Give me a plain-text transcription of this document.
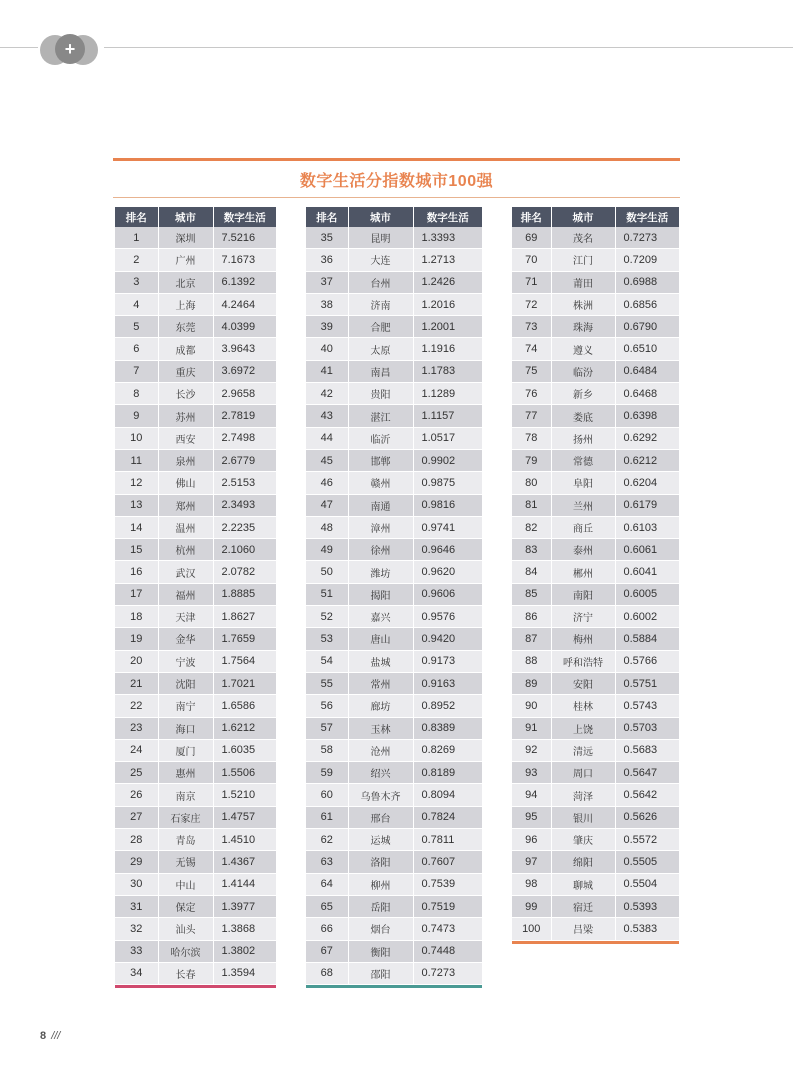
+
数字生活分指数城市100强
排名	城市	数字生活
1	深圳	7.5216
2	广州	7.1673
3	北京	6.1392
4	上海	4.2464
5	东莞	4.0399
6	成都	3.9643
7	重庆	3.6972
8	长沙	2.9658
9	苏州	2.7819
10	西安	2.7498
11	泉州	2.6779
12	佛山	2.5153
13	郑州	2.3493
14	温州	2.2235
15	杭州	2.1060
16	武汉	2.0782
17	福州	1.8885
18	天津	1.8627
19	金华	1.7659
20	宁波	1.7564
21	沈阳	1.7021
22	南宁	1.6586
23	海口	1.6212
24	厦门	1.6035
25	惠州	1.5506
26	南京	1.5210
27	石家庄	1.4757
28	青岛	1.4510
29	无锡	1.4367
30	中山	1.4144
31	保定	1.3977
32	汕头	1.3868
33	哈尔滨	1.3802
34	长春	1.3594
排名	城市	数字生活
35	昆明	1.3393
36	大连	1.2713
37	台州	1.2426
38	济南	1.2016
39	合肥	1.2001
40	太原	1.1916
41	南昌	1.1783
42	贵阳	1.1289
43	湛江	1.1157
44	临沂	1.0517
45	邯郸	0.9902
46	赣州	0.9875
47	南通	0.9816
48	漳州	0.9741
49	徐州	0.9646
50	潍坊	0.9620
51	揭阳	0.9606
52	嘉兴	0.9576
53	唐山	0.9420
54	盐城	0.9173
55	常州	0.9163
56	廊坊	0.8952
57	玉林	0.8389
58	沧州	0.8269
59	绍兴	0.8189
60	乌鲁木齐	0.8094
61	邢台	0.7824
62	运城	0.7811
63	洛阳	0.7607
64	柳州	0.7539
65	岳阳	0.7519
66	烟台	0.7473
67	衡阳	0.7448
68	邵阳	0.7273
排名	城市	数字生活
69	茂名	0.7273
70	江门	0.7209
71	莆田	0.6988
72	株洲	0.6856
73	珠海	0.6790
74	遵义	0.6510
75	临汾	0.6484
76	新乡	0.6468
77	娄底	0.6398
78	扬州	0.6292
79	常德	0.6212
80	阜阳	0.6204
81	兰州	0.6179
82	商丘	0.6103
83	泰州	0.6061
84	郴州	0.6041
85	南阳	0.6005
86	济宁	0.6002
87	梅州	0.5884
88	呼和浩特	0.5766
89	安阳	0.5751
90	桂林	0.5743
91	上饶	0.5703
92	清远	0.5683
93	周口	0.5647
94	菏泽	0.5642
95	银川	0.5626
96	肇庆	0.5572
97	绵阳	0.5505
98	聊城	0.5504
99	宿迁	0.5393
100	吕梁	0.5383
8 ///
